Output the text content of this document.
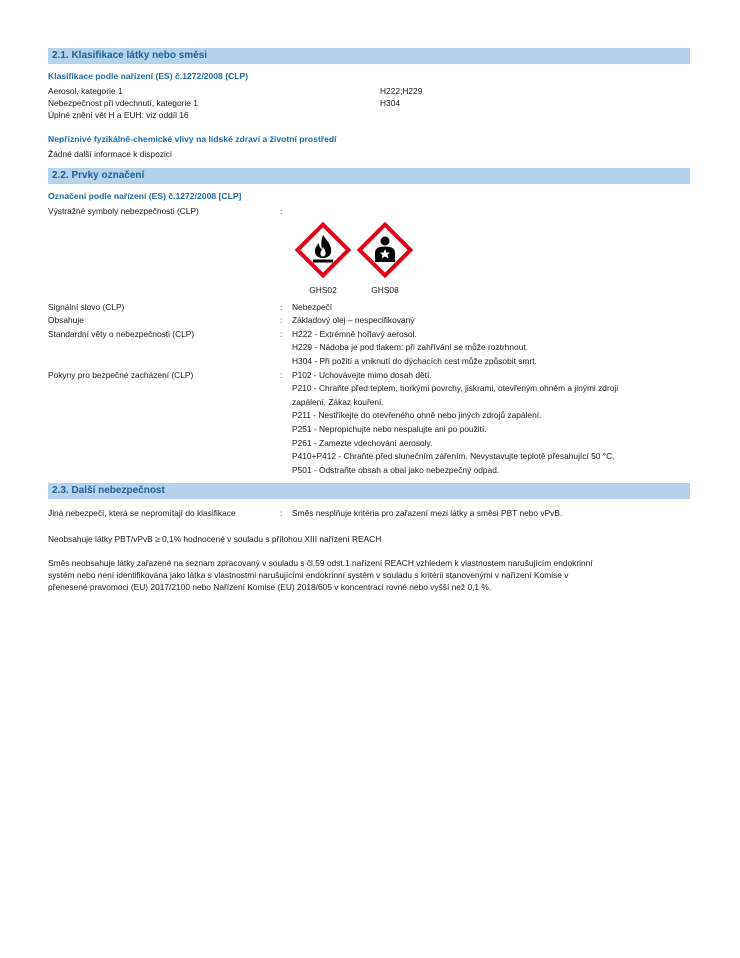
2.1. Klasifikace látky nebo směsi
Klasifikace podle nařízení (ES) č.1272/2008 (CLP)
Aerosol, kategorie 1	H222;H229
Nebezpečnost při vdechnutí, kategorie 1	H304
Úplné znění vět H a EUH: viz oddíl 16
Nepříznivé fyzikálně-chemické vlivy na lidské zdraví a životní prostředí
Žádné další informace k dispozici
2.2. Prvky označení
Označení podle nařízení (ES) č.1272/2008 [CLP]
Výstražné symboly nebezpečnosti (CLP)	:
GHS02	GHS08
Signální slovo (CLP)	:	Nebezpečí
Obsahuje	:	Základový olej – nespecifikovaný
Standardní věty o nebezpečnosti (CLP)	:	H222 - Extrémně hořlavý aerosol.
H229 - Nádoba je pod tlakem: při zahřívání se může roztrhnout.
H304 - Při požití a vniknutí do dýchacích cest může způsobit smrt.
Pokyny pro bezpečné zacházení (CLP)	:	P102 - Uchovávejte mimo dosah dětí.
P210 - Chraňte před teplem, horkými povrchy, jiskrami, otevřeným ohněm a jinými zdroji
zapálení. Zákaz kouření.
P211 - Nestříkejte do otevřeného ohně nebo jiných zdrojů zapálení.
P251 - Nepropichujte nebo nespalujte ani po použití.
P261 - Zamezte vdechování aerosoly.
P410+P412 - Chraňte před slunečním zářením. Nevystavujte teplotě přesahující 50 °C.
P501 - Odstraňte obsah a obal jako nebezpečný odpad.
2.3. Další nebezpečnost
Jiná nebezpečí, která se nepromítají do klasifikace	:	Směs nesplňuje kritéria pro zařazení mezi látky a směsi PBT nebo vPvB.
Neobsahuje látky PBT/vPvB ≥ 0,1% hodnocené v souladu s přílohou XIII nařízení REACH
Směs neobsahuje látky zařazené na seznam zpracovaný v souladu s čl.59 odst.1 nařízení REACH vzhledem k vlastnostem narušujícím endokrinní
systém nebo není identifikována jako látka s vlastnostmi narušujícími endokrinní systém v souladu s kritérii stanovenými v nařízení Komise v
přenesené pravomoci (EU) 2017/2100 nebo Nařízení Komise (EU) 2018/605 v koncentraci rovné nebo vyšší než 0,1 %.
